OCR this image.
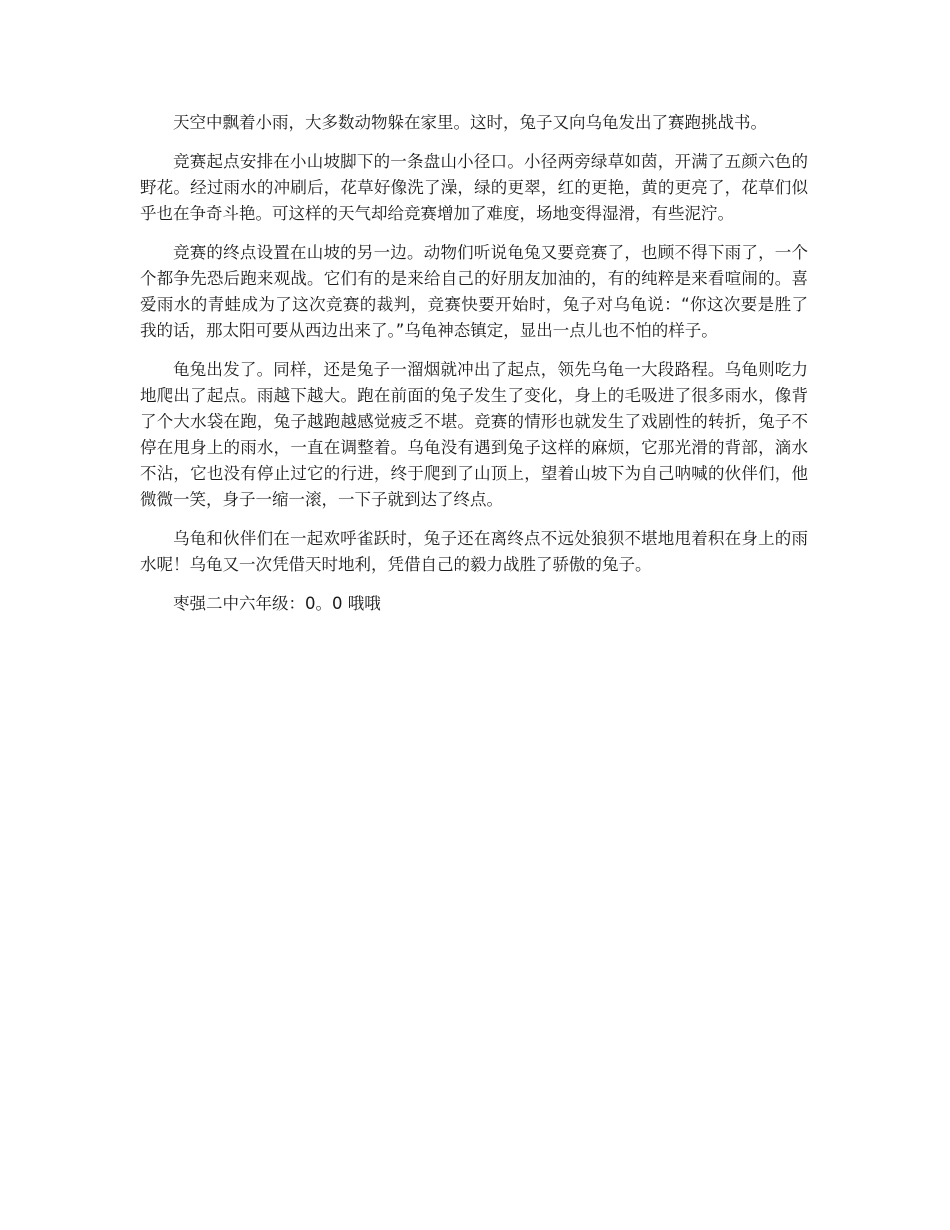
天空中飘着小雨，大多数动物躲在家里。这时，兔子又向乌龟发出了赛跑挑战书。

竞赛起点安排在小山坡脚下的一条盘山小径口。小径两旁绿草如茵，开满了五颜六色的野花。经过雨水的冲刷后，花草好像洗了澡，绿的更翠，红的更艳，黄的更亮了，花草们似乎也在争奇斗艳。可这样的天气却给竞赛增加了难度，场地变得湿滑，有些泥泞。

竞赛的终点设置在山坡的另一边。动物们听说龟兔又要竞赛了，也顾不得下雨了，一个个都争先恐后跑来观战。它们有的是来给自己的好朋友加油的，有的纯粹是来看喧闹的。喜爱雨水的青蛙成为了这次竞赛的裁判，竞赛快要开始时，兔子对乌龟说：“你这次要是胜了我的话，那太阳可要从西边出来了。”乌龟神态镇定，显出一点儿也不怕的样子。

龟兔出发了。同样，还是兔子一溜烟就冲出了起点，领先乌龟一大段路程。乌龟则吃力地爬出了起点。雨越下越大。跑在前面的兔子发生了变化，身上的毛吸进了很多雨水，像背了个大水袋在跑，兔子越跑越感觉疲乏不堪。竞赛的情形也就发生了戏剧性的转折，兔子不停在甩身上的雨水，一直在调整着。乌龟没有遇到兔子这样的麻烦，它那光滑的背部，滴水不沾，它也没有停止过它的行进，终于爬到了山顶上，望着山坡下为自己呐喊的伙伴们，他微微一笑，身子一缩一滚，一下子就到达了终点。

乌龟和伙伴们在一起欢呼雀跃时，兔子还在离终点不远处狼狈不堪地甩着积在身上的雨水呢！乌龟又一次凭借天时地利，凭借自己的毅力战胜了骄傲的兔子。

枣强二中六年级：0。0 哦哦
